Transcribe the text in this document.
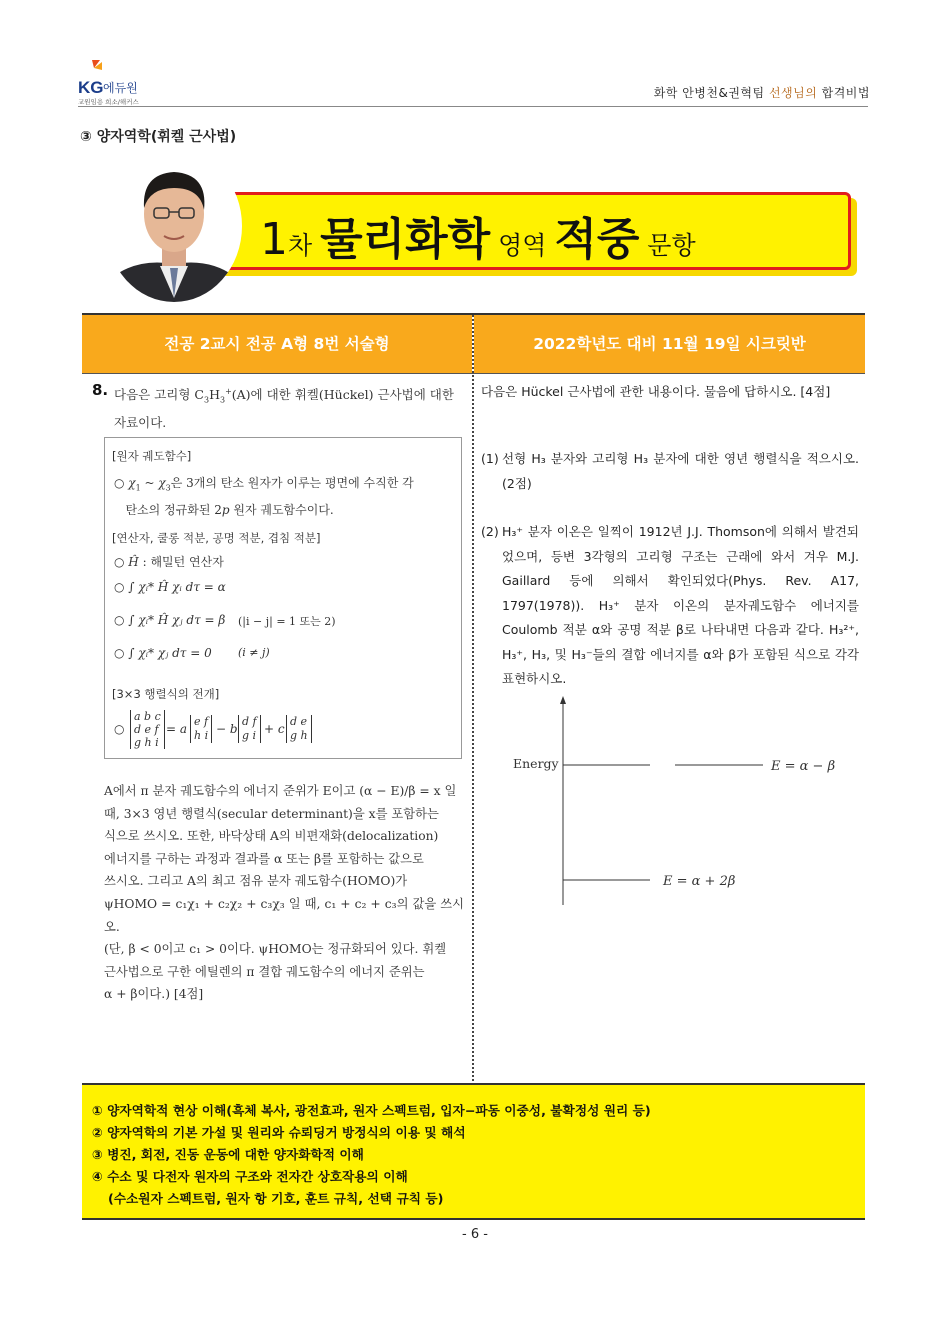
KG 에듀원
교원임용 희소/해커스
화학 안병천&권혁팀 선생님의 합격비법
③ 양자역학(휘켈 근사법)
1차 물리화학 영역 적중 문항
전공 2교시 전공 A형 8번 서술형	2022학년도 대비 11월 19일 시크릿반
8. 다음은 고리형 $C_3H_3^+(A)$에 대한 휘켈(Hückel) 근사법에 대한 자료이다.
[원자 궤도함수]
○ $\chi_1$ ~ $\chi_3$은 3개의 탄소 원자가 이루는 평면에 수직한 각
탄소의 정규화된 2p 원자 궤도함수이다.
[연산자, 쿨롱 적분, 공명 적분, 겹침 적분]
○ Ĥ : 해밀턴 연산자
○ ∫ χᵢ* Ĥ χᵢ dτ = α
○ ∫ χᵢ* Ĥ χⱼ dτ = β (|i − j| = 1 또는 2)
○ ∫ χᵢ* χⱼ dτ = 0 (i ≠ j)
[3×3 행렬식의 전개]
○
a b c
d e f
g h i
= a
e f
h i − b
d f
g i + c
d e
g h
A에서 π 분자 궤도함수의 에너지 준위가 E이고 (α − E)/β = x 일
때, 3×3 영년 행렬식(secular determinant)을 x를 포함하는
식으로 쓰시오. 또한, 바닥상태 A의 비편재화(delocalization)
에너지를 구하는 과정과 결과를 α 또는 β를 포함하는 값으로
쓰시오. 그리고 A의 최고 점유 분자 궤도함수(HOMO)가
ψHOMO = c₁χ₁ + c₂χ₂ + c₃χ₃ 일 때, c₁ + c₂ + c₃의 값을 쓰시오.
(단, β < 0이고 c₁ > 0이다. ψHOMO는 정규화되어 있다. 휘켈
근사법으로 구한 에틸렌의 π 결합 궤도함수의 에너지 준위는
α + β이다.) [4점]
다음은 Hückel 근사법에 관한 내용이다. 물음에 답하시오. [4점]
(1) 선형 H₃ 분자와 고리형 H₃ 분자에 대한 영년 행렬식을 적으시오. (2점)
(2) H₃⁺ 분자 이온은 일찍이 1912년 J.J. Thomson에 의해서 발견되었으며, 등변 3각형의 고리형 구조는 근래에 와서 겨우 M.J. Gaillard 등에 의해서 확인되었다(Phys. Rev. A17, 1797(1978)). H₃⁺ 분자 이온의 분자궤도함수 에너지를 Coulomb 적분 α와 공명 적분 β로 나타내면 다음과 같다. H₃²⁺, H₃⁺, H₃, 및 H₃⁻들의 결합 에너지를 α와 β가 포함된 식으로 각각 표현하시오.
Energy	E = α − β
E = α + 2β
① 양자역학적 현상 이해(흑체 복사, 광전효과, 원자 스펙트럼, 입자−파동 이중성, 불확정성 원리 등)
② 양자역학의 기본 가설 및 원리와 슈뢰딩거 방정식의 이용 및 해석
③ 병진, 회전, 진동 운동에 대한 양자화학적 이해
④ 수소 및 다전자 원자의 구조와 전자간 상호작용의 이해
(수소원자 스펙트럼, 원자 항 기호, 훈트 규칙, 선택 규칙 등)
- 6 -
